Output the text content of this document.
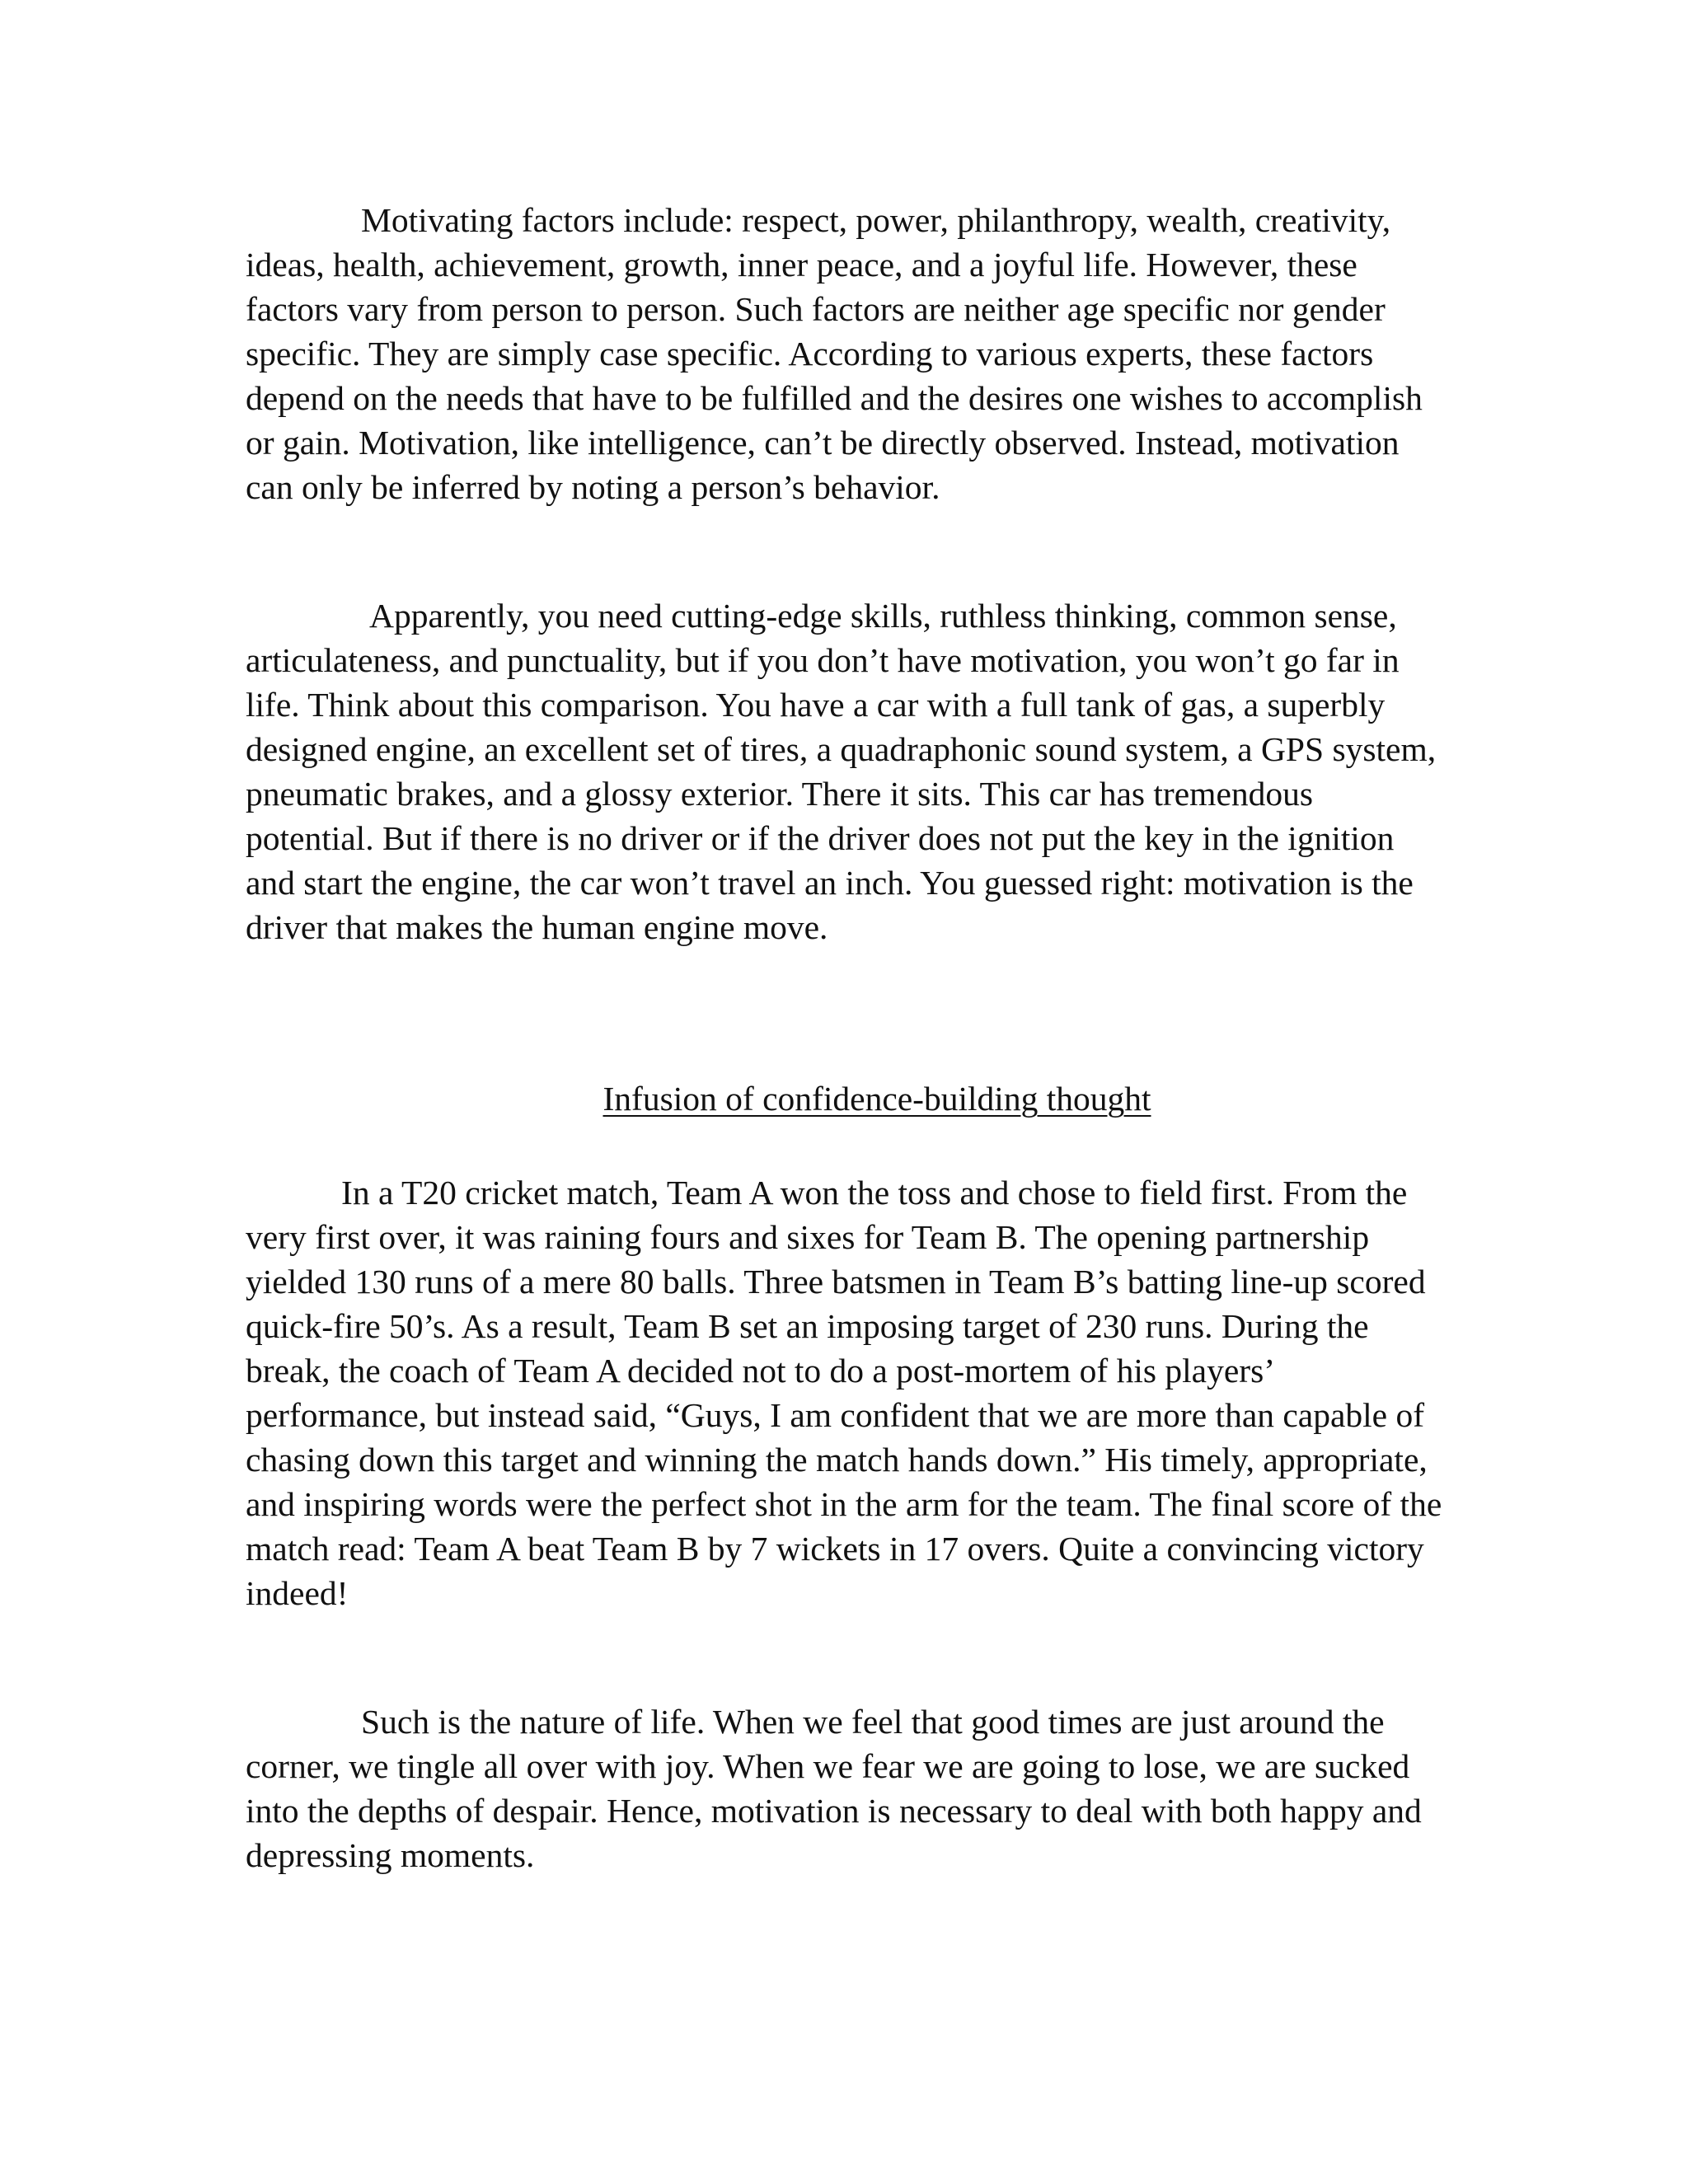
Motivating factors include: respect, power, philanthropy, wealth, creativity, ideas, health, achievement, growth, inner peace, and a joyful life. However, these factors vary from person to person. Such factors are neither age specific nor gender specific. They are simply case specific. According to various experts, these factors depend on the needs that have to be fulfilled and the desires one wishes to accomplish or gain. Motivation, like intelligence, can’t be directly observed. Instead, motivation can only be inferred by noting a person’s behavior.

Apparently, you need cutting-edge skills, ruthless thinking, common sense, articulateness, and punctuality, but if you don’t have motivation, you won’t go far in life. Think about this comparison. You have a car with a full tank of gas, a superbly designed engine, an excellent set of tires, a quadraphonic sound system, a GPS system, pneumatic brakes, and a glossy exterior. There it sits. This car has tremendous potential. But if there is no driver or if the driver does not put the key in the ignition and start the engine, the car won’t travel an inch. You guessed right: motivation is the driver that makes the human engine move.

Infusion of confidence-building thought

In a T20 cricket match, Team A won the toss and chose to field first. From the very first over, it was raining fours and sixes for Team B. The opening partnership yielded 130 runs of a mere 80 balls. Three batsmen in Team B’s batting line-up scored quick-fire 50’s. As a result, Team B set an imposing target of 230 runs. During the break, the coach of Team A decided not to do a post-mortem of his players’ performance, but instead said, “Guys, I am confident that we are more than capable of chasing down this target and winning the match hands down.” His timely, appropriate, and inspiring words were the perfect shot in the arm for the team. The final score of the match read: Team A beat Team B by 7 wickets in 17 overs. Quite a convincing victory indeed!

Such is the nature of life. When we feel that good times are just around the corner, we tingle all over with joy. When we fear we are going to lose, we are sucked into the depths of despair. Hence, motivation is necessary to deal with both happy and depressing moments.
